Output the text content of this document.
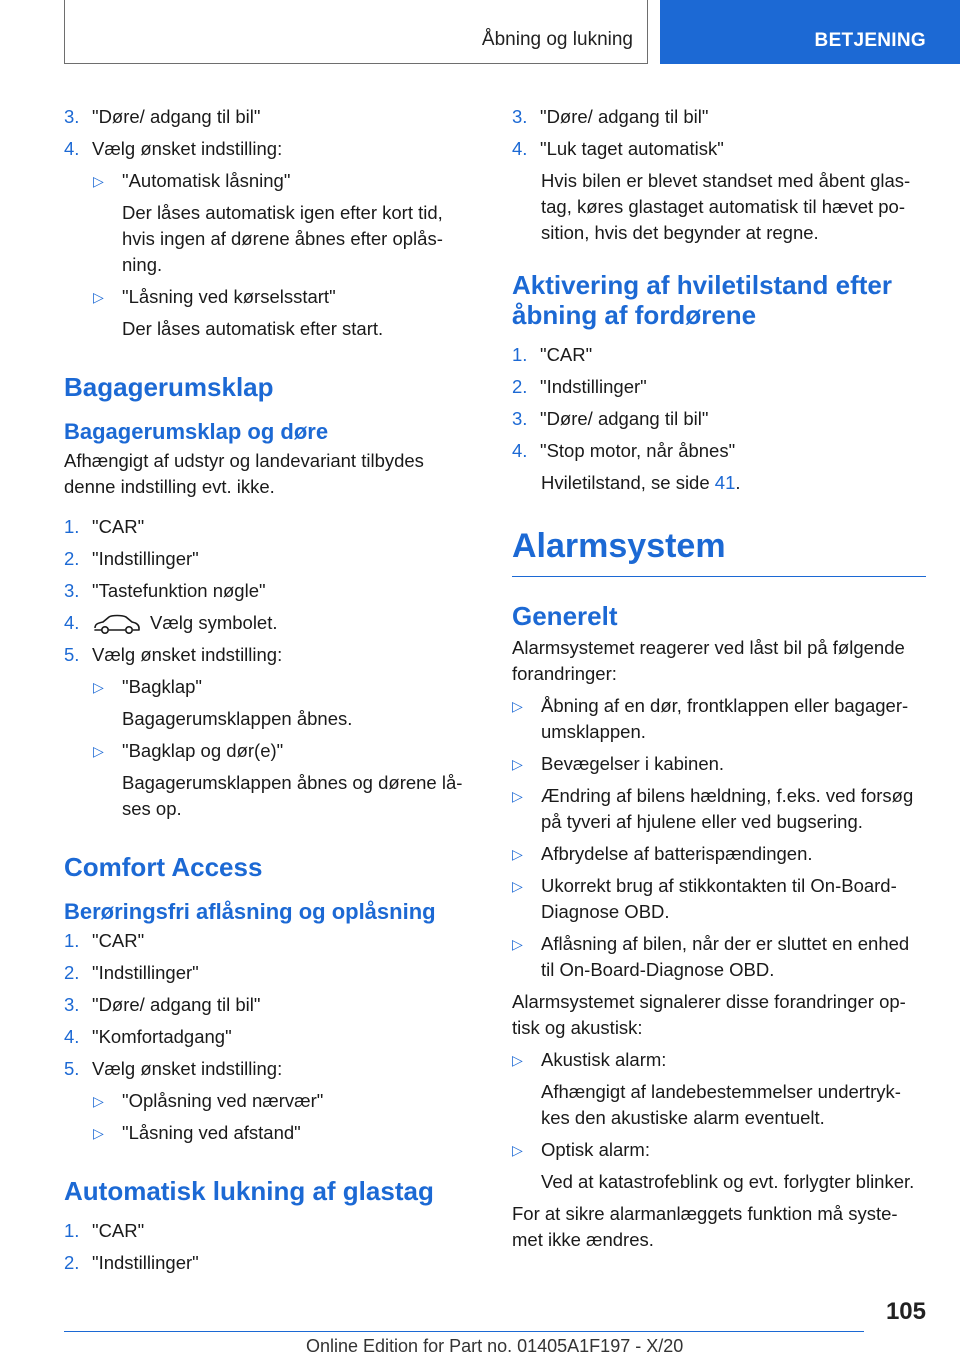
Åbning og lukning	BETJENING
3. "Døre/ adgang til bil"
4. Vælg ønsket indstilling:
▷ "Automatisk låsning"
Der låses automatisk igen efter kort tid, hvis ingen af dørene åbnes efter oplås-ning.
▷ "Låsning ved kørselsstart"
Der låses automatisk efter start.
Bagagerumsklap
Bagagerumsklap og døre
Afhængigt af udstyr og landevariant tilbydes denne indstilling evt. ikke.
1. "CAR"
2. "Indstillinger"
3. "Tastefunktion nøgle"
4.	Vælg symbolet.
5. Vælg ønsket indstilling:
▷ "Bagklap"
Bagagerumsklappen åbnes.
▷ "Bagklap og dør(e)"
Bagagerumsklappen åbnes og dørene lå-ses op.
Comfort Access
Berøringsfri aflåsning og oplåsning
1. "CAR"
2. "Indstillinger"
3. "Døre/ adgang til bil"
4. "Komfortadgang"
5. Vælg ønsket indstilling:
▷ "Oplåsning ved nærvær"
▷ "Låsning ved afstand"
Automatisk lukning af glastag
1. "CAR"
2. "Indstillinger"
3. "Døre/ adgang til bil"
4. "Luk taget automatisk"
Hvis bilen er blevet standset med åbent glas-tag, køres glastaget automatisk til hævet po-sition, hvis det begynder at regne.
Aktivering af hviletilstand efter åbning af fordørene
1. "CAR"
2. "Indstillinger"
3. "Døre/ adgang til bil"
4. "Stop motor, når åbnes"
Hviletilstand, se side 41.
Alarmsystem
Generelt
Alarmsystemet reagerer ved låst bil på følgende forandringer:
▷ Åbning af en dør, frontklappen eller bagager-umsklappen.
▷ Bevægelser i kabinen.
▷ Ændring af bilens hældning, f.eks. ved forsøg på tyveri af hjulene eller ved bugsering.
▷ Afbrydelse af batterispændingen.
▷ Ukorrekt brug af stikkontakten til On-Board-Diagnose OBD.
▷ Aflåsning af bilen, når der er sluttet en enhed til On-Board-Diagnose OBD.
Alarmsystemet signalerer disse forandringer op-tisk og akustisk:
▷ Akustisk alarm:
Afhængigt af landebestemmelser undertryk-kes den akustiske alarm eventuelt.
▷ Optisk alarm:
Ved at katastrofeblink og evt. forlygter blinker.
For at sikre alarmanlæggets funktion må syste-met ikke ændres.
105
Online Edition for Part no. 01405A1F197 - X/20
